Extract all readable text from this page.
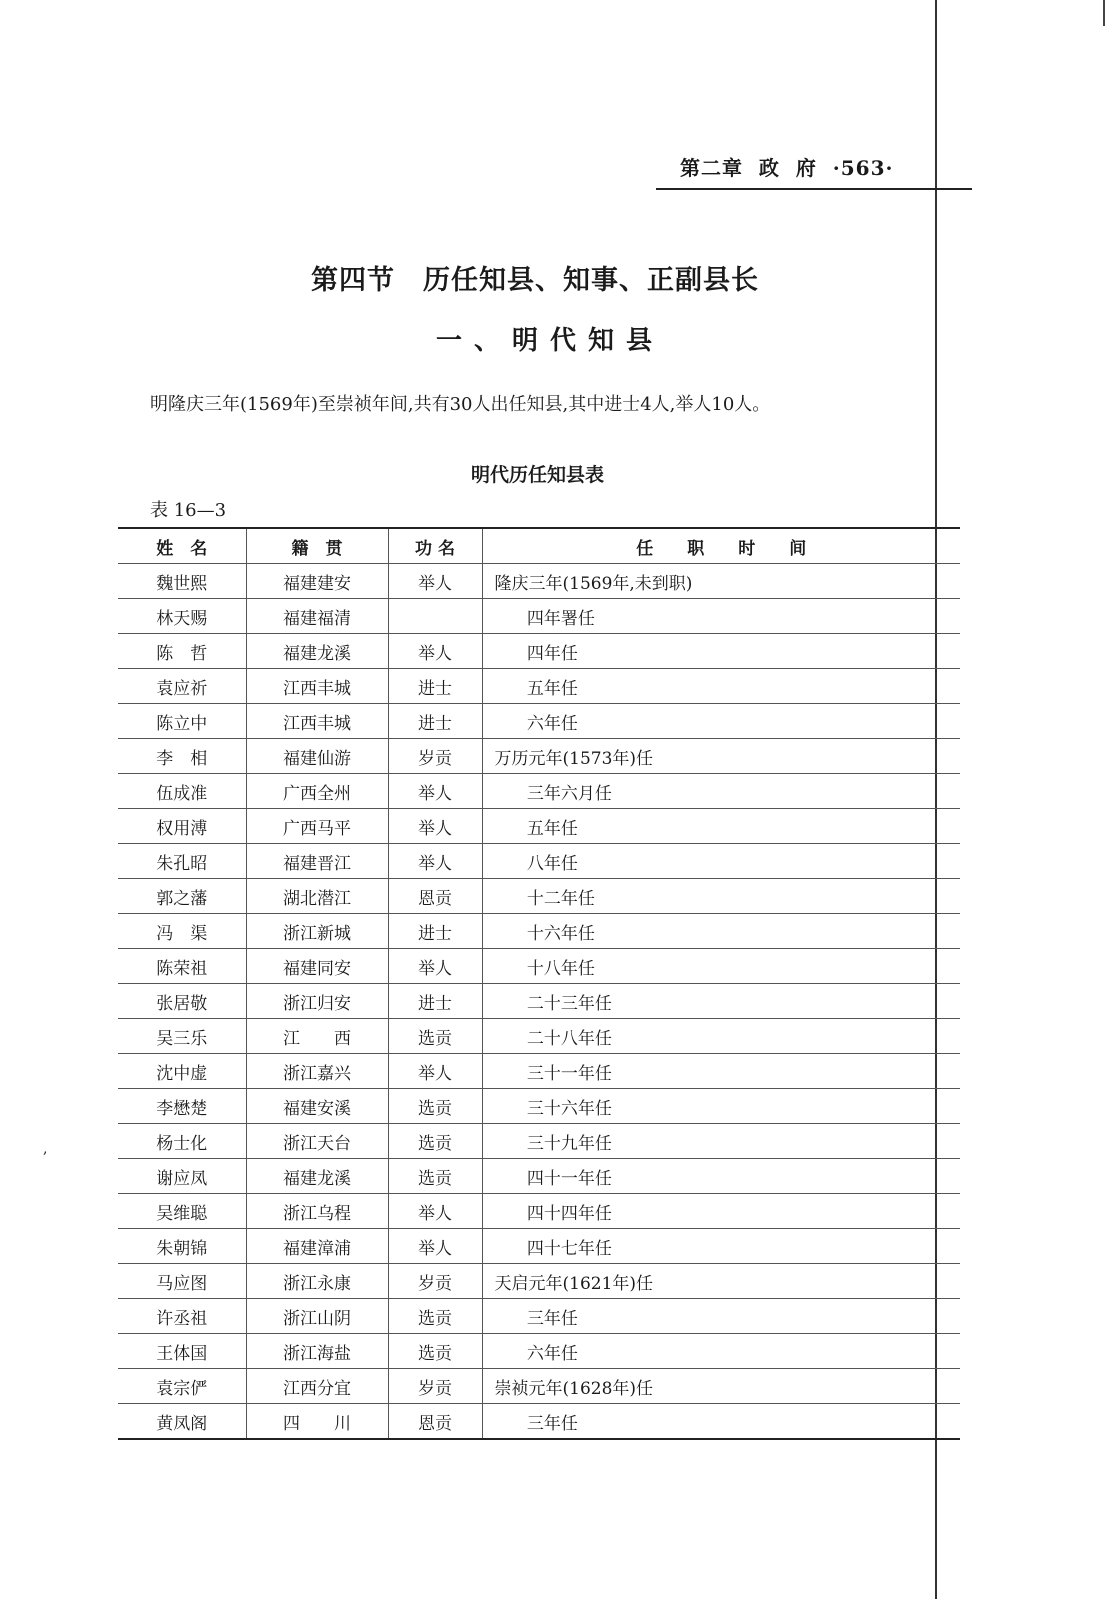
第二章  政  府  ·563·
第四节　历任知县、知事、正副县长
一、明代知县
明隆庆三年(1569年)至崇祯年间,共有30人出任知县,其中进士4人,举人10人。
明代历任知县表
表 16—3
姓　名	籍　贯	功 名	任　　职　　时　　间
魏世熙	福建建安	举人	隆庆三年(1569年,未到职)
林天赐	福建福清		四年署任
陈　哲	福建龙溪	举人	四年任
袁应祈	江西丰城	进士	五年任
陈立中	江西丰城	进士	六年任
李　相	福建仙游	岁贡	万历元年(1573年)任
伍成准	广西全州	举人	三年六月任
权用溥	广西马平	举人	五年任
朱孔昭	福建晋江	举人	八年任
郭之藩	湖北潜江	恩贡	十二年任
冯　渠	浙江新城	进士	十六年任
陈荣祖	福建同安	举人	十八年任
张居敬	浙江归安	进士	二十三年任
吴三乐	江　　西	选贡	二十八年任
沈中虚	浙江嘉兴	举人	三十一年任
李懋楚	福建安溪	选贡	三十六年任
杨士化	浙江天台	选贡	三十九年任
谢应凤	福建龙溪	选贡	四十一年任
吴维聪	浙江乌程	举人	四十四年任
朱朝锦	福建漳浦	举人	四十七年任
马应图	浙江永康	岁贡	天启元年(1621年)任
许丞祖	浙江山阴	选贡	三年任
王体国	浙江海盐	选贡	六年任
袁宗俨	江西分宜	岁贡	崇祯元年(1628年)任
黄凤阁	四　　川	恩贡	三年任
,
